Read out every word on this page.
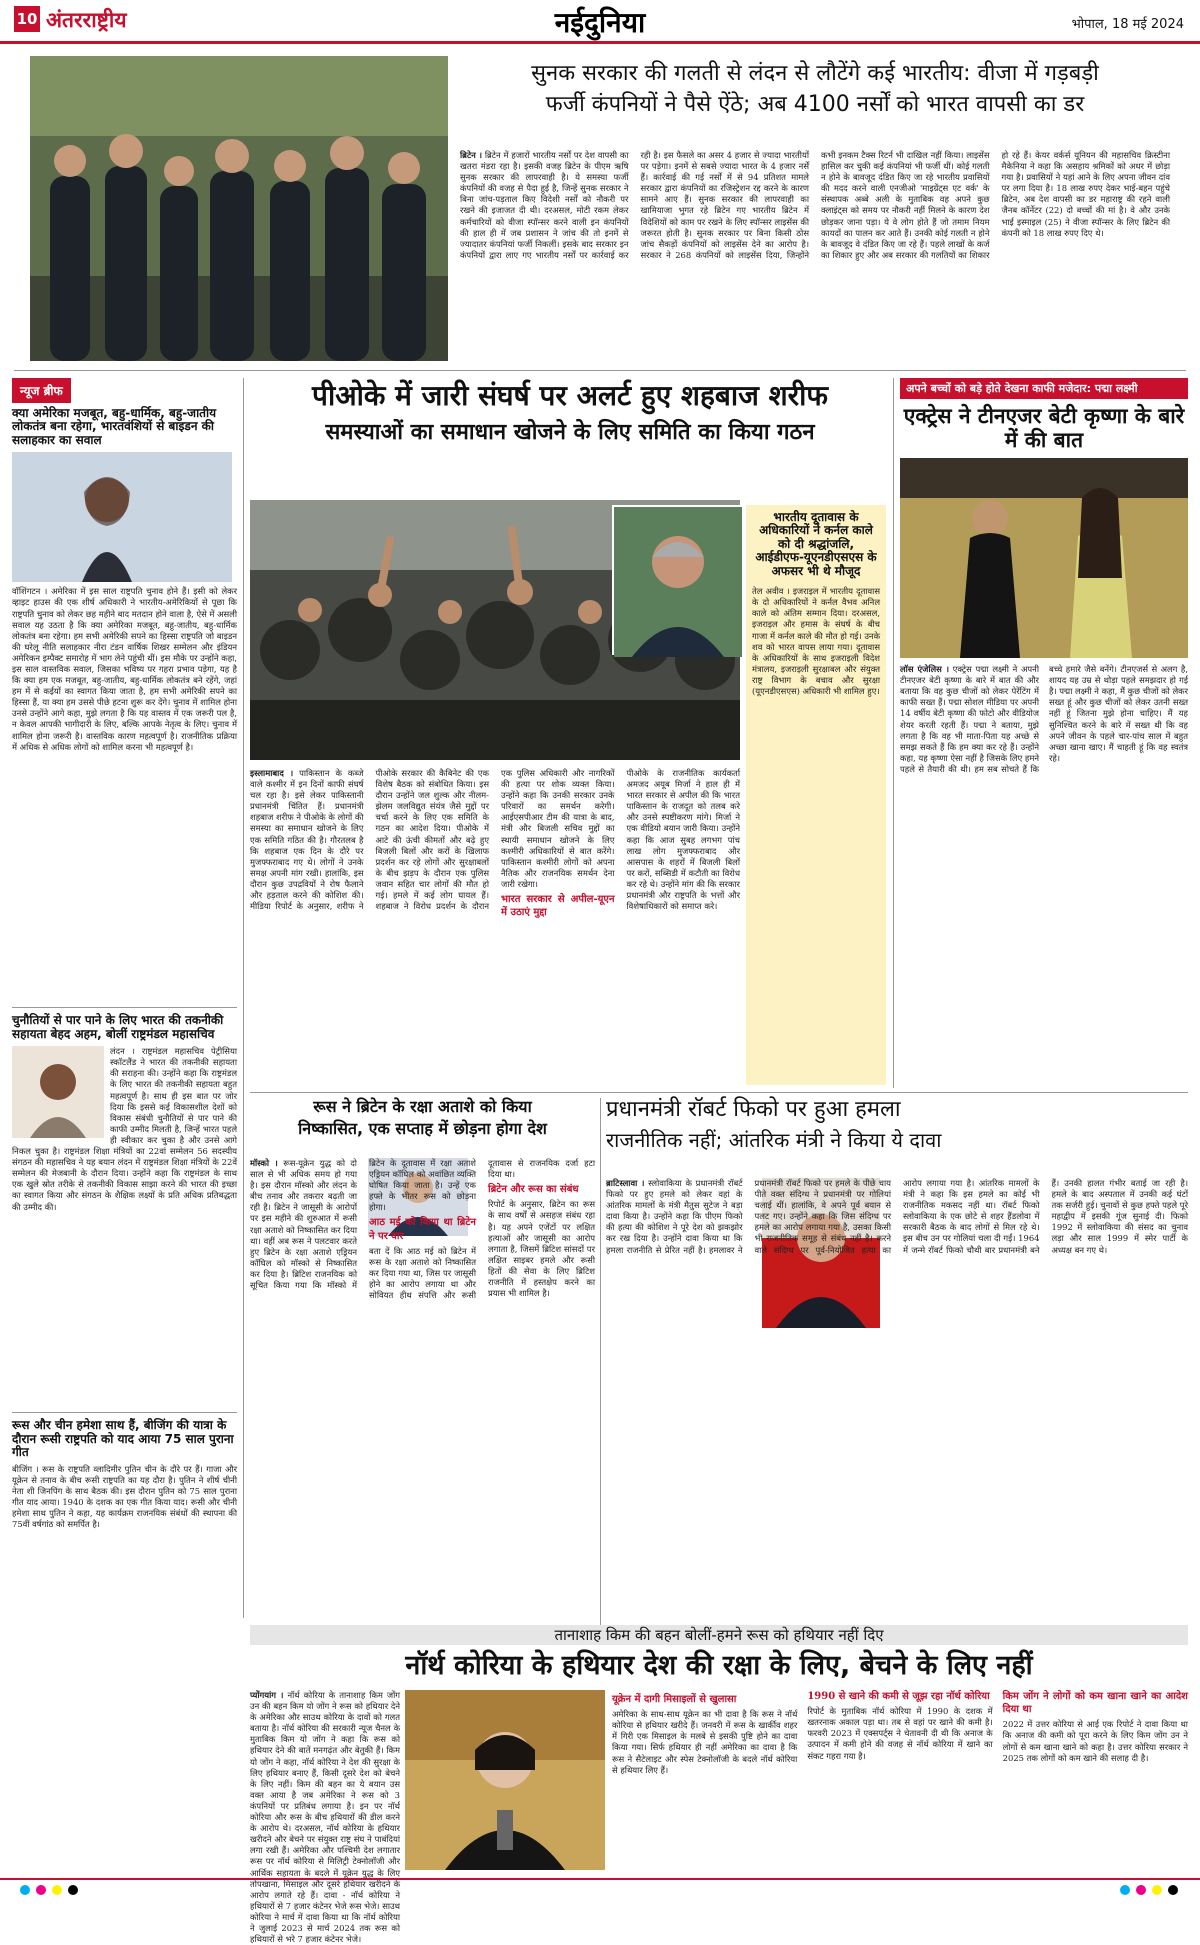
10 अंतरराष्ट्रीय	नईदुनिया	भोपाल, 18 मई 2024
सुनक सरकार की गलती से लंदन से लौटेंगे कई भारतीय: वीजा में गड़बड़ी
फर्जी कंपनियों ने पैसे ऐंठे; अब 4100 नर्सों को भारत वापसी का डर
ब्रिटेन । ब्रिटेन में हजारों भारतीय नर्सों पर देश वापसी का खतरा मंडरा रहा है। इसकी वजह ब्रिटेन के पीएम ऋषि सुनक सरकार की लापरवाही है। ये समस्या फर्जी कंपनियों की वजह से पैदा हुई है, जिन्हें सुनक सरकार ने बिना जांच-पड़ताल किए विदेशी नर्सों को नौकरी पर रखने की इजाजत दी थी। दरअसल, मोटी रकम लेकर कर्मचारियों को वीजा स्पॉन्सर करने वाली इन कंपनियों की हाल ही में जब प्रशासन ने जांच की तो इनमें से ज्यादातर कंपनियां फर्जी निकलीं। इसके बाद सरकार इन कंपनियों द्वारा लाए गए भारतीय नर्सों पर कार्रवाई कर रही है। इस फैसले का असर 4 हजार से ज्यादा भारतीयों पर पड़ेगा। इनमें से सबसे ज्यादा भारत के 4 हजार नर्सें हैं। कार्रवाई की गई नर्सों में से 94 प्रतिशत मामले सरकार द्वारा कंपनियों का रजिस्ट्रेशन रद्द करने के कारण सामने आए हैं। सुनक सरकार की लापरवाही का खामियाजा भुगत रहे ब्रिटेन गए भारतीय ब्रिटेन में विदेशियों को काम पर रखने के लिए स्पॉन्सर लाइसेंस की जरूरत होती है। सुनक सरकार पर बिना किसी ठोस जांच सैकड़ों कंपनियों को लाइसेंस देने का आरोप है। सरकार ने 268 कंपनियों को लाइसेंस दिया, जिन्होंने कभी इनकम टैक्स रिटर्न भी दाखिल नहीं किया। लाइसेंस हासिल कर चुकी कई कंपनियां भी फर्जी थीं। कोई गलती न होने के बावजूद दंडित किए जा रहे भारतीय प्रवासियों की मदद करने वाली एनजीओ 'माइग्रेंट्स एट वर्क' के संस्थापक अब्बे अली के मुताबिक वह अपने कुछ क्लाइंट्स को समय पर नौकरी नहीं मिलने के कारण देश छोड़कर जाना पड़ा। ये वे लोग होते हैं जो तमाम नियम कायदों का पालन कर आते हैं। उनकी कोई गलती न होने के बावजूद वे दंडित किए जा रहे हैं। पहले लाखों के कर्ज का शिकार हुए और अब सरकार की गलतियों का शिकार हो रहे हैं। केयर वर्कर्स यूनियन की महासचिव क्रिस्टीना मैकेनिया ने कहा कि असहाय श्रमिकों को अधर में छोड़ा गया है। प्रवासियों ने यहां आने के लिए अपना जीवन दांव पर लगा दिया है। 18 लाख रुपए देकर भाई-बहन पहुंचे ब्रिटेन, अब देश वापसी का डर महाराष्ट्र की रहने वाली जैनब कॉर्नेटर (22) दो बच्चों की मां है। वे और उनके भाई इस्माइल (25) ने वीजा स्पॉन्सर के लिए ब्रिटेन की कंपनी को 18 लाख रुपए दिए थे।
न्यूज ब्रीफ
क्या अमेरिका मजबूत, बहु-धार्मिक, बहु-जातीय लोकतंत्र बना रहेगा, भारतवंशियों से बाइडन की सलाहकार का सवाल
वॉशिंगटन । अमेरिका में इस साल राष्ट्रपति चुनाव होने हैं। इसी को लेकर व्हाइट हाउस की एक शीर्ष अधिकारी ने भारतीय-अमेरिकियों से पूछा कि राष्ट्रपति चुनाव को लेकर छह महीने बाद मतदान होने वाला है, ऐसे में असली सवाल यह उठता है कि क्या अमेरिका मजबूत, बहु-जातीय, बहु-धार्मिक लोकतंत्र बना रहेगा। हम सभी अमेरिकी सपने का हिस्सा राष्ट्रपति जो बाइडन की घरेलू नीति सलाहकार नीरा टंडन वार्षिक शिखर सम्मेलन और इंडियन अमेरिकन इम्पैक्ट समारोह में भाग लेने पहुंची थीं। इस मौके पर उन्होंने कहा, इस साल वास्तविक सवाल, जिसका भविष्य पर गहरा प्रभाव पड़ेगा, यह है कि क्या हम एक मजबूत, बहु-जातीय, बहु-धार्मिक लोकतंत्र बने रहेंगे, जहां हम में से कईयों का स्वागत किया जाता है, हम सभी अमेरिकी सपने का हिस्सा हैं, या क्या हम उससे पीछे हटना शुरू कर देंगे। चुनाव में शामिल होना उनसे उन्होंने आगे कहा, मुझे लगता है कि यह वास्तव में एक जरूरी पल है, न केवल आपकी भागीदारी के लिए, बल्कि आपके नेतृत्व के लिए। चुनाव में शामिल होना जरूरी है। वास्तविक कारण महत्वपूर्ण है। राजनीतिक प्रक्रिया में अधिक से अधिक लोगों को शामिल करना भी महत्वपूर्ण है।
चुनौतियों से पार पाने के लिए भारत की तकनीकी सहायता बेहद अहम, बोलीं राष्ट्रमंडल महासचिव
लंदन । राष्ट्रमंडल महासचिव पेट्रीसिया स्कॉटलैंड ने भारत की तकनीकी सहायता की सराहना की। उन्होंने कहा कि राष्ट्रमंडल के लिए भारत की तकनीकी सहायता बहुत महत्वपूर्ण है। साथ ही इस बात पर जोर दिया कि इससे कई विकासशील देशों को विकास संबंधी चुनौतियों से पार पाने की काफी उम्मीद मिलती है, जिन्हें भारत पहले ही स्वीकार कर चुका है और उनसे आगे निकल चुका है। राष्ट्रमंडल शिक्षा मंत्रियों का 22वां सम्मेलन 56 सदस्यीय संगठन की महासचिव ने यह बयान लंदन में राष्ट्रमंडल शिक्षा मंत्रियों के 22वें सम्मेलन की मेजबानी के दौरान दिया। उन्होंने कहा कि राष्ट्रमंडल के साथ एक खुले स्रोत तरीके से तकनीकी विकास साझा करने की भारत की इच्छा का स्वागत किया और संगठन के शैक्षिक लक्ष्यों के प्रति अधिक प्रतिबद्धता की उम्मीद की।
रूस और चीन हमेशा साथ हैं, बीजिंग की यात्रा के दौरान रूसी राष्ट्रपति को याद आया 75 साल पुराना गीत
बीजिंग । रूस के राष्ट्रपति व्लादिमीर पुतिन चीन के दौरे पर हैं। गाजा और यूक्रेन से तनाव के बीच रूसी राष्ट्रपति का यह दौरा है। पुतिन ने शीर्ष चीनी नेता शी जिनपिंग के साथ बैठक की। इस दौरान पुतिन को 75 साल पुराना गीत याद आया। 1940 के दशक का एक गीत किया याद। रूसी और चीनी हमेशा साथ पुतिन ने कहा, यह कार्यक्रम राजनयिक संबंधों की स्थापना की 75वीं वर्षगांठ को समर्पित है।
पीओके में जारी संघर्ष पर अलर्ट हुए शहबाज शरीफ
समस्याओं का समाधान खोजने के लिए समिति का किया गठन
इस्लामाबाद । पाकिस्तान के कब्जे वाले कश्मीर में इन दिनों काफी संघर्ष चल रहा है। इसे लेकर पाकिस्तानी प्रधानमंत्री चिंतित हैं। प्रधानमंत्री शहबाज शरीफ ने पीओके के लोगों की समस्या का समाधान खोजने के लिए एक समिति गठित की है। गौरतलब है कि शहबाज एक दिन के दौरे पर मुजफ्फराबाद गए थे। लोगों ने उनके समक्ष अपनी मांग रखी। हालांकि, इस दौरान कुछ उपद्रवियों ने रोष फैलाने और हड़ताल करने की कोशिश की। मीडिया रिपोर्ट के अनुसार, शरीफ ने पीओके सरकार की कैबिनेट की एक विशेष बैठक को संबोधित किया। इस दौरान उन्होंने जल शुल्क और नीलम-झेलम जलविद्युत संयंत्र जैसे मुद्दों पर चर्चा करने के लिए एक समिति के गठन का आदेश दिया। पीओके में आटे की ऊंची कीमतों और बढ़े हुए बिजली बिलों और करों के खिलाफ प्रदर्शन कर रहे लोगों और सुरक्षाबलों के बीच झड़प के दौरान एक पुलिस जवान सहित चार लोगों की मौत हो गई। हमले में कई लोग घायल हैं। शहबाज ने विरोध प्रदर्शन के दौरान एक पुलिस अधिकारी और नागरिकों की हत्या पर शोक व्यक्त किया। उन्होंने कहा कि उनकी सरकार उनके परिवारों का समर्थन करेगी। आईएसपीआर टीम की यात्रा के बाद, मंत्री और बिजली सचिव मुद्दों का स्थायी समाधान खोजने के लिए कश्मीरी अधिकारियों से बात करेंगे। पाकिस्तान कश्मीरी लोगों को अपना नैतिक और राजनयिक समर्थन देना जारी रखेगा।
भारत सरकार से अपील-यूएन में उठाएं मुद्दा
पीओके के राजनीतिक कार्यकर्ता अमजद अयूब मिर्जा ने हाल ही में भारत सरकार से अपील की कि भारत पाकिस्तान के राजदूत को तलब करे और उनसे स्पष्टीकरण मांगे। मिर्जा ने एक वीडियो बयान जारी किया। उन्होंने कहा कि आज सुबह लगभग पांच लाख लोग मुजफ्फराबाद और आसपास के शहरों में बिजली बिलों पर करों, सब्सिडी में कटौती का विरोध कर रहे थे। उन्होंने मांग की कि सरकार प्रधानमंत्री और राष्ट्रपति के भत्तों और विशेषाधिकारों को समाप्त करे।
भारतीय दूतावास के अधिकारियों ने कर्नल काले को दी श्रद्धांजलि, आईडीएफ-यूएनडीएसएस के अफसर भी थे मौजूद
तेल अवीव । इजराइल में भारतीय दूतावास के दो अधिकारियों ने कर्नल वैभव अनिल काले को अंतिम सम्मान दिया। दरअसल, इजराइल और हमास के संघर्ष के बीच गाजा में कर्नल काले की मौत हो गई। उनके शव को भारत वापस लाया गया। दूतावास के अधिकारियों के साथ इजराइली विदेश मंत्रालय, इजराइली सुरक्षाबल और संयुक्त राष्ट्र विभाग के बचाव और सुरक्षा (यूएनडीएसएस) अधिकारी भी शामिल हुए।
अपने बच्चों को बड़े होते देखना काफी मजेदार: पद्मा लक्ष्मी
एक्ट्रेस ने टीनएजर बेटी कृष्णा के बारे में की बात
लॉस एंजेलिस । एक्ट्रेस पद्मा लक्ष्मी ने अपनी टीनएजर बेटी कृष्णा के बारे में बात की और बताया कि वह कुछ चीजों को लेकर पेरेंटिंग में काफी सख्त हैं। पद्मा सोशल मीडिया पर अपनी 14 वर्षीय बेटी कृष्णा की फोटो और वीडियोज शेयर करती रहती हैं। पद्मा ने बताया, मुझे लगता है कि वह भी माता-पिता यह अच्छे से समझ सकते हैं कि हम क्या कर रहे हैं। उन्होंने कहा, यह कृष्णा ऐसा नहीं है जिसके लिए हमने पहले से तैयारी की थी। हम सब सोचते हैं कि बच्चे हमारे जैसे बनेंगे। टीनएजर्स से अलग है, शायद यह उम्र से थोड़ा पहले समझदार हो गई है। पद्मा लक्ष्मी ने कहा, मैं कुछ चीजों को लेकर सख्त हूं और कुछ चीजों को लेकर उतनी सख्त नहीं हूं जितना मुझे होना चाहिए। मैं यह सुनिश्चित करने के बारे में सख्त थी कि वह अपने जीवन के पहले चार-पांच साल में बहुत अच्छा खाना खाए। मैं चाहती हूं कि वह स्वतंत्र रहे।
रूस ने ब्रिटेन के रक्षा अताशे को किया
निष्कासित, एक सप्ताह में छोड़ना होगा देश
मॉस्को । रूस-यूक्रेन युद्ध को दो साल से भी अधिक समय हो गया है। इस दौरान मॉस्को और लंदन के बीच तनाव और तकरार बढ़ती जा रही है। ब्रिटेन ने जासूसी के आरोपों पर इस महीने की शुरुआत में रूसी रक्षा अताशे को निष्कासित कर दिया था। वहीं अब रूस ने पलटवार करते हुए ब्रिटेन के रक्षा अताशे एड्रियन कॉघिल को मॉस्को से निष्कासित कर दिया है। ब्रिटिश राजनयिक को सूचित किया गया कि मॉस्को में ब्रिटेन के दूतावास में रक्षा अताशे एड्रियन कॉघिल को अवांछित व्यक्ति घोषित किया जाता है। उन्हें एक हफ्ते के भीतर रूस को छोड़ना होगा।
आठ मई को किया था ब्रिटेन ने पर वार
बता दें कि आठ मई को ब्रिटेन में रूस के रक्षा अताशे को निष्कासित कर दिया गया था, जिस पर जासूसी होने का आरोप लगाया था और सोवियत हीथ संपत्ति और रूसी दूतावास से राजनयिक दर्जा हटा दिया था।
ब्रिटेन और रूस का संबंध
रिपोर्ट के अनुसार, ब्रिटेन का रूस के साथ वर्षों से असहज संबंध रहा है। यह अपने एजेंटों पर लक्षित हत्याओं और जासूसी का आरोप लगाता है, जिसमें ब्रिटिश सांसदों पर लक्षित साइबर हमले और रूसी हितों की सेवा के लिए ब्रिटिश राजनीति में हस्तक्षेप करने का प्रयास भी शामिल है।
प्रधानमंत्री रॉबर्ट फिको पर हुआ हमला
राजनीतिक नहीं; आंतरिक मंत्री ने किया ये दावा
ब्राटिस्लावा । स्लोवाकिया के प्रधानमंत्री रॉबर्ट फिको पर हुए हमले को लेकर वहां के आंतरिक मामलों के मंत्री मैतुस सुटेज ने बड़ा दावा किया है। उन्होंने कहा कि पीएम फिको की हत्या की कोशिश ने पूरे देश को झकझोर कर रख दिया है। उन्होंने दावा किया था कि हमला राजनीति से प्रेरित नहीं है। हमलावर ने प्रधानमंत्री रॉबर्ट फिको पर हमले के पीछे चाय पीते वक्त संदिग्ध ने प्रधानमंत्री पर गोलियां चलाई थीं। हालांकि, वे अपने पूर्व बयान से पलट गए। उन्होंने कहा कि जिस संदिग्ध पर हमले का आरोप लगाया गया है, उसका किसी भी राजनीतिक समूह से संबंध नहीं है। करने वाले संदिग्ध पर पूर्व-नियोजित हत्या का आरोप लगाया गया है। आंतरिक मामलों के मंत्री ने कहा कि इस हमले का कोई भी राजनीतिक मकसद नहीं था। रॉबर्ट फिको स्लोवाकिया के एक छोटे से शहर हैंडलोवा में सरकारी बैठक के बाद लोगों से मिल रहे थे। इस बीच उन पर गोलियां चला दी गईं। 1964 में जन्मे रॉबर्ट फिको चौथी बार प्रधानमंत्री बने हैं। उनकी हालत गंभीर बताई जा रही है। हमले के बाद अस्पताल में उनकी कई घंटों तक सर्जरी हुई। चुनावों से कुछ हफ्ते पहले पूरे महाद्वीप में इसकी गूंज सुनाई दी। फिको 1992 में स्लोवाकिया की संसद का चुनाव लड़ा और साल 1999 में स्मेर पार्टी के अध्यक्ष बन गए थे।
तानाशाह किम की बहन बोलीं-हमने रूस को हथियार नहीं दिए
नॉर्थ कोरिया के हथियार देश की रक्षा के लिए, बेचने के लिए नहीं
प्योंगयांग । नॉर्थ कोरिया के तानाशाह किम जोंग उन की बहन किम यो जोंग ने रूस को हथियार देने के अमेरिका और साउथ कोरिया के दावों को गलत बताया है। नॉर्थ कोरिया की सरकारी न्यूज चैनल के मुताबिक किम यो जोंग ने कहा कि रूस को हथियार देने की बातें मनगढ़ंत और बेतुकी हैं। किम यो जोंग ने कहा, नॉर्थ कोरिया ने देश की सुरक्षा के लिए हथियार बनाए हैं, किसी दूसरे देश को बेचने के लिए नहीं। किम की बहन का ये बयान उस वक्त आया है जब अमेरिका ने रूस को 3 कंपनियों पर प्रतिबंध लगाया है। इन पर नॉर्थ कोरिया और रूस के बीच हथियारों की डील करने के आरोप थे। दरअसल, नॉर्थ कोरिया के हथियार खरीदने और बेचने पर संयुक्त राष्ट्र संघ ने पाबंदियां लगा रखी हैं। अमेरिका और पश्चिमी देश लगातार रूस पर नॉर्थ कोरिया से मिलिट्री टेक्नोलॉजी और आर्थिक सहायता के बदले में यूक्रेन युद्ध के लिए तोपखाना, मिसाइल और दूसरे हथियार खरीदने के आरोप लगाते रहे हैं। दावा - नॉर्थ कोरिया ने हथियारों से 7 हजार कंटेनर भेजे रूस भेजे। साउथ कोरिया ने मार्च में दावा किया था कि नॉर्थ कोरिया ने जुलाई 2023 से मार्च 2024 तक रूस को हथियारों से भरे 7 हजार कंटेनर भेजे।
यूक्रेन में दागी मिसाइलों से खुलासा
अमेरिका के साथ-साथ यूक्रेन का भी दावा है कि रूस ने नॉर्थ कोरिया से हथियार खरीदे हैं। जनवरी में रूस के खार्कीव शहर में गिरी एक मिसाइल के मलबे से इसकी पुष्टि होने का दावा किया गया। सिर्फ हथियार ही नहीं अमेरिका का दावा है कि रूस ने सैटेलाइट और स्पेस टेक्नोलॉजी के बदले नॉर्थ कोरिया से हथियार लिए हैं।
1990 से खाने की कमी से जूझ रहा नॉर्थ कोरिया
रिपोर्ट के मुताबिक नॉर्थ कोरिया में 1990 के दशक में खतरनाक अकाल पड़ा था। तब से वहां पर खाने की कमी है। फरवरी 2023 में एक्सपर्ट्स ने चेतावनी दी थी कि अनाज के उत्पादन में कमी होने की वजह से नॉर्थ कोरिया में खाने का संकट गहरा गया है।
किम जोंग ने लोगों को कम खाना खाने का आदेश दिया था
2022 में उत्तर कोरिया से आई एक रिपोर्ट ने दावा किया था कि अनाज की कमी को पूरा करने के लिए किम जोंग उन ने लोगों से कम खाना खाने को कहा है। उत्तर कोरिया सरकार ने 2025 तक लोगों को कम खाने की सलाह दी है।
